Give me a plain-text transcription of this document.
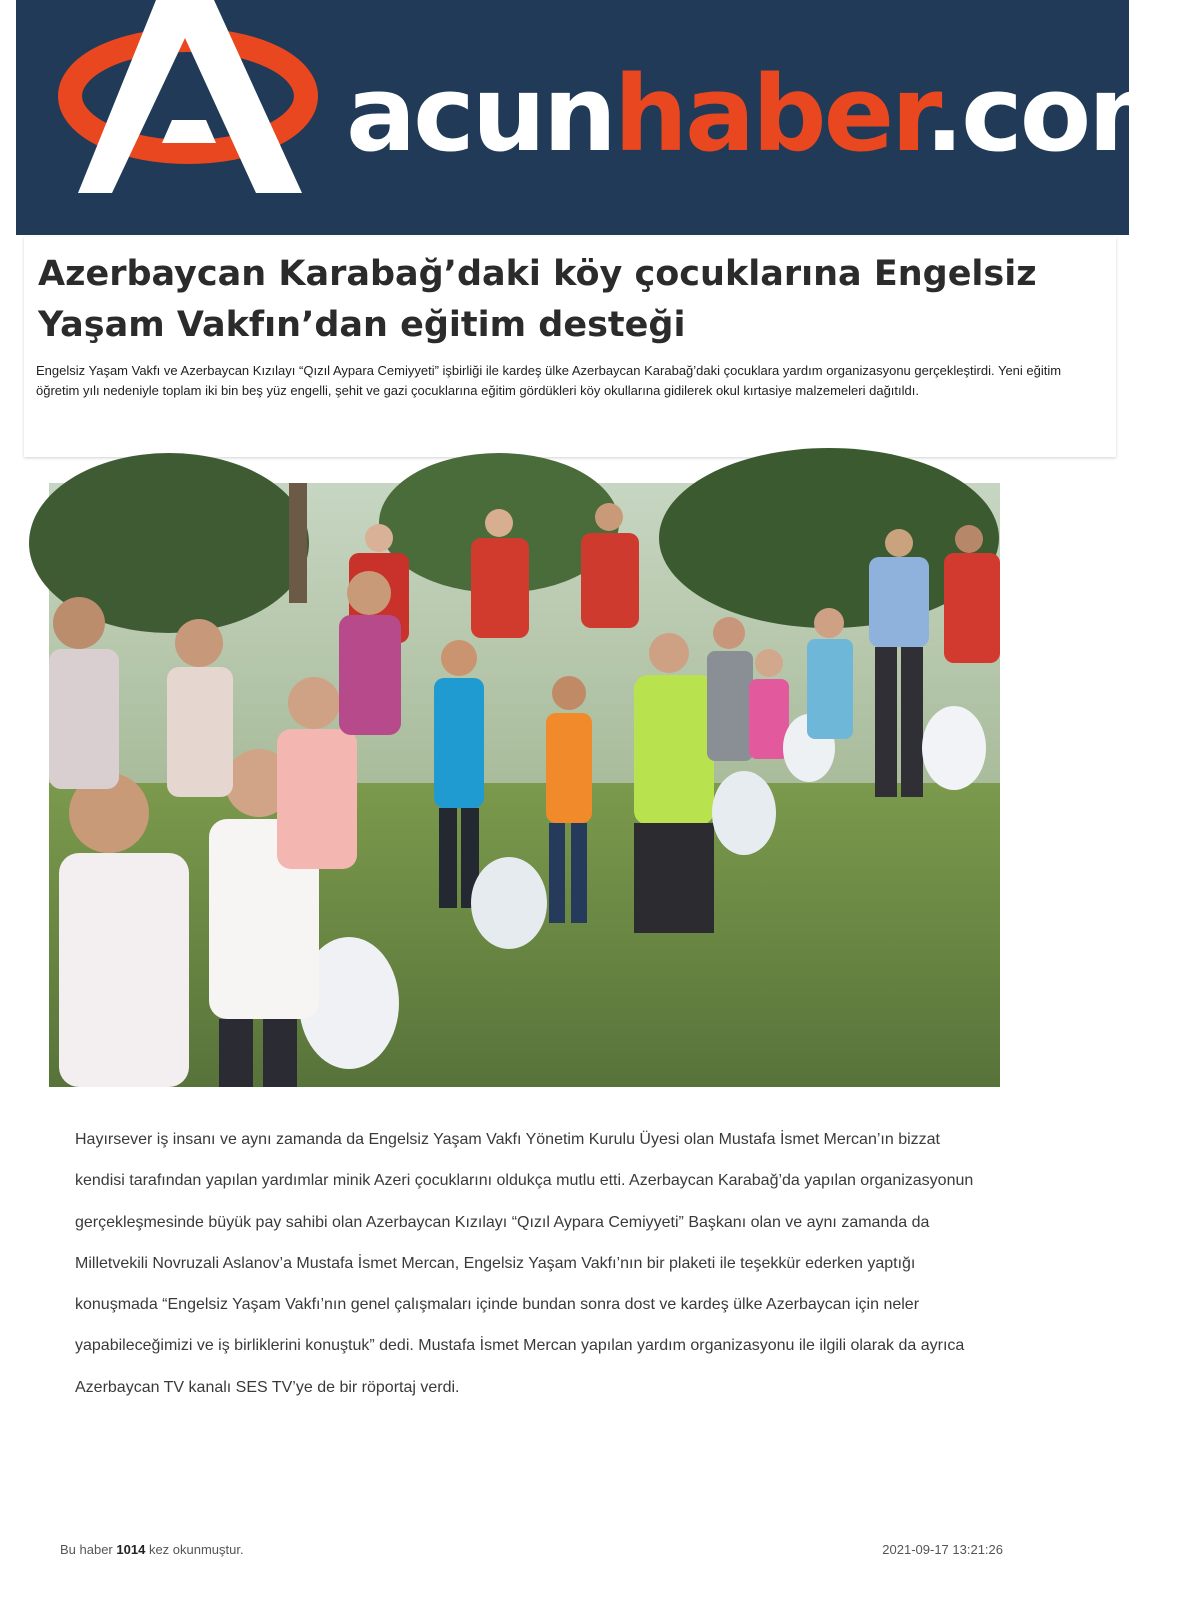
acunhaber.com
Azerbaycan Karabağ’daki köy çocuklarına Engelsiz Yaşam Vakfın’dan eğitim desteği

Engelsiz Yaşam Vakfı ve Azerbaycan Kızılayı “Qızıl Aypara Cemiyyeti” işbirliği ile kardeş ülke Azerbaycan Karabağ’daki çocuklara yardım organizasyonu gerçekleştirdi. Yeni eğitim öğretim yılı nedeniyle toplam iki bin beş yüz engelli, şehit ve gazi çocuklarına eğitim gördükleri köy okullarına gidilerek okul kırtasiye malzemeleri dağıtıldı.

Hayırsever iş insanı ve aynı zamanda da Engelsiz Yaşam Vakfı Yönetim Kurulu Üyesi olan Mustafa İsmet Mercan’ın bizzat kendisi tarafından yapılan yardımlar minik Azeri çocuklarını oldukça mutlu etti. Azerbaycan Karabağ’da yapılan organizasyonun gerçekleşmesinde büyük pay sahibi olan Azerbaycan Kızılayı “Qızıl Aypara Cemiyyeti” Başkanı olan ve aynı zamanda da Milletvekili Novruzali Aslanov’a Mustafa İsmet Mercan, Engelsiz Yaşam Vakfı’nın bir plaketi ile teşekkür ederken yaptığı konuşmada “Engelsiz Yaşam Vakfı’nın genel çalışmaları içinde bundan sonra dost ve kardeş ülke Azerbaycan için neler yapabileceğimizi ve iş birliklerini konuştuk” dedi. Mustafa İsmet Mercan yapılan yardım organizasyonu ile ilgili olarak da ayrıca Azerbaycan TV kanalı SES TV’ye de bir röportaj verdi.

Bu haber 1014 kez okunmuştur.	2021-09-17 13:21:26
